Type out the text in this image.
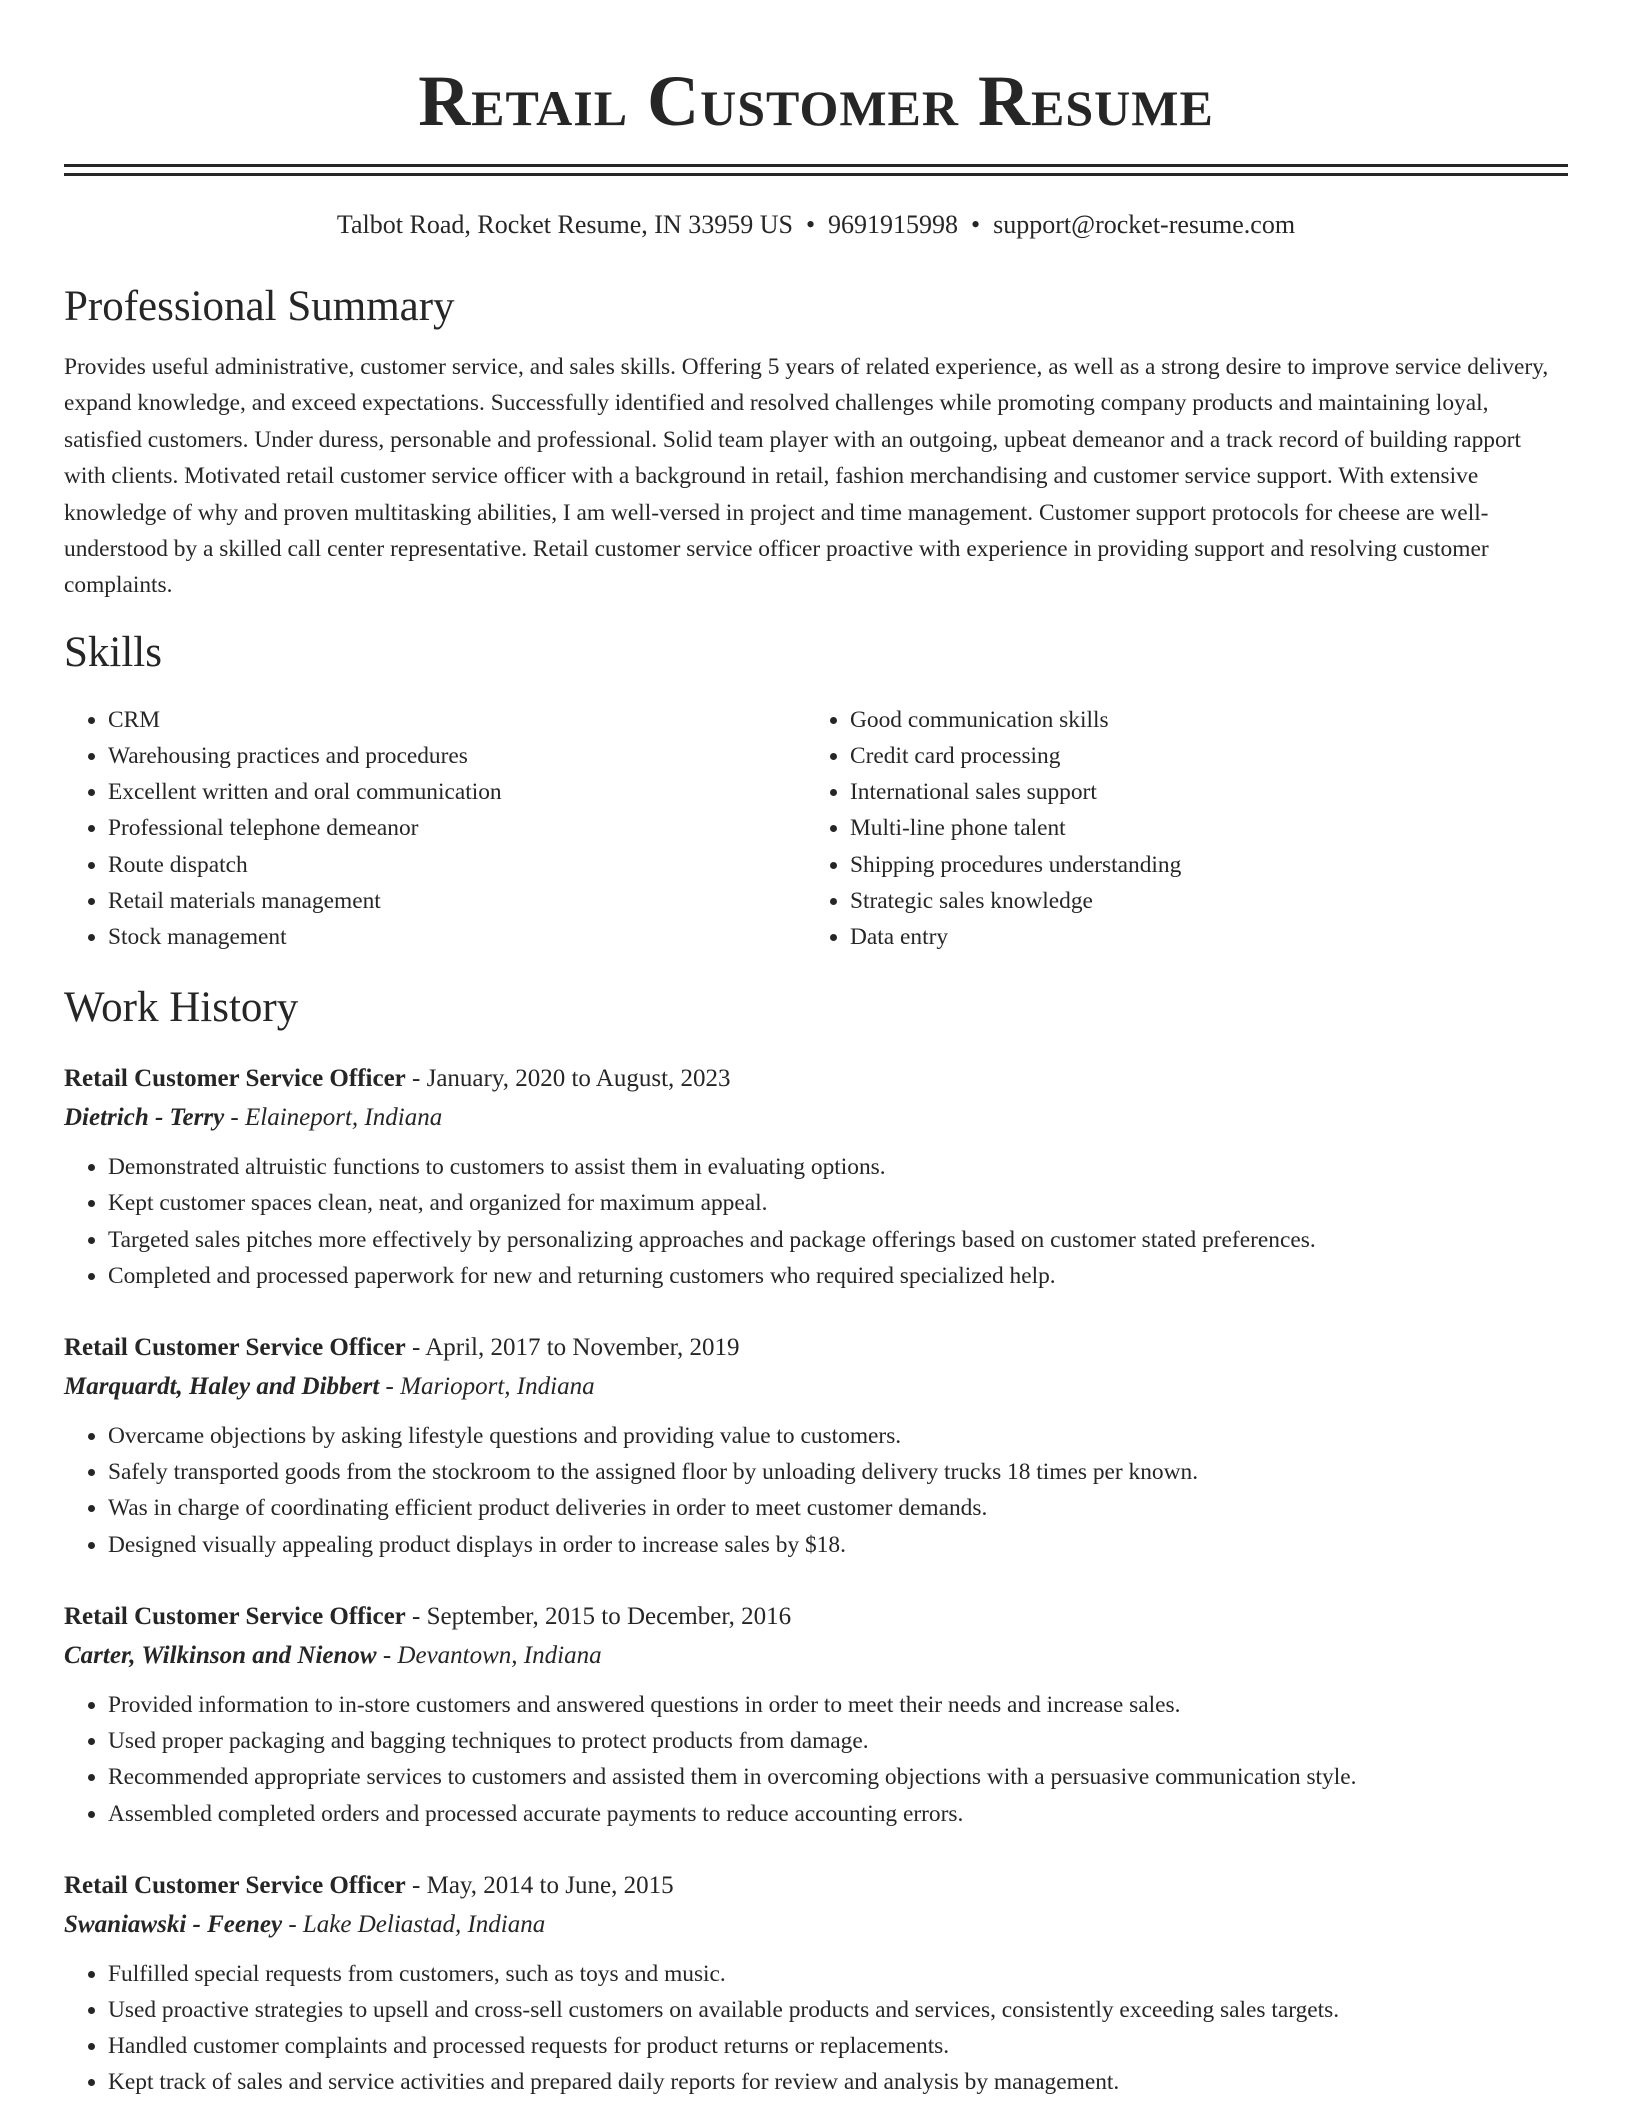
Retail Customer Resume
Talbot Road, Rocket Resume, IN 33959 US • 9691915998 • support@rocket-resume.com
Professional Summary
Provides useful administrative, customer service, and sales skills. Offering 5 years of related experience, as well as a strong desire to improve service delivery, expand knowledge, and exceed expectations. Successfully identified and resolved challenges while promoting company products and maintaining loyal, satisfied customers. Under duress, personable and professional. Solid team player with an outgoing, upbeat demeanor and a track record of building rapport with clients. Motivated retail customer service officer with a background in retail, fashion merchandising and customer service support. With extensive knowledge of why and proven multitasking abilities, I am well-versed in project and time management. Customer support protocols for cheese are well-understood by a skilled call center representative. Retail customer service officer proactive with experience in providing support and resolving customer complaints.
Skills
• CRM
• Warehousing practices and procedures
• Excellent written and oral communication
• Professional telephone demeanor
• Route dispatch
• Retail materials management
• Stock management
• Good communication skills
• Credit card processing
• International sales support
• Multi-line phone talent
• Shipping procedures understanding
• Strategic sales knowledge
• Data entry
Work History
Retail Customer Service Officer - January, 2020 to August, 2023
Dietrich - Terry - Elaineport, Indiana
• Demonstrated altruistic functions to customers to assist them in evaluating options.
• Kept customer spaces clean, neat, and organized for maximum appeal.
• Targeted sales pitches more effectively by personalizing approaches and package offerings based on customer stated preferences.
• Completed and processed paperwork for new and returning customers who required specialized help.
Retail Customer Service Officer - April, 2017 to November, 2019
Marquardt, Haley and Dibbert - Marioport, Indiana
• Overcame objections by asking lifestyle questions and providing value to customers.
• Safely transported goods from the stockroom to the assigned floor by unloading delivery trucks 18 times per known.
• Was in charge of coordinating efficient product deliveries in order to meet customer demands.
• Designed visually appealing product displays in order to increase sales by $18.
Retail Customer Service Officer - September, 2015 to December, 2016
Carter, Wilkinson and Nienow - Devantown, Indiana
• Provided information to in-store customers and answered questions in order to meet their needs and increase sales.
• Used proper packaging and bagging techniques to protect products from damage.
• Recommended appropriate services to customers and assisted them in overcoming objections with a persuasive communication style.
• Assembled completed orders and processed accurate payments to reduce accounting errors.
Retail Customer Service Officer - May, 2014 to June, 2015
Swaniawski - Feeney - Lake Deliastad, Indiana
• Fulfilled special requests from customers, such as toys and music.
• Used proactive strategies to upsell and cross-sell customers on available products and services, consistently exceeding sales targets.
• Handled customer complaints and processed requests for product returns or replacements.
• Kept track of sales and service activities and prepared daily reports for review and analysis by management.
